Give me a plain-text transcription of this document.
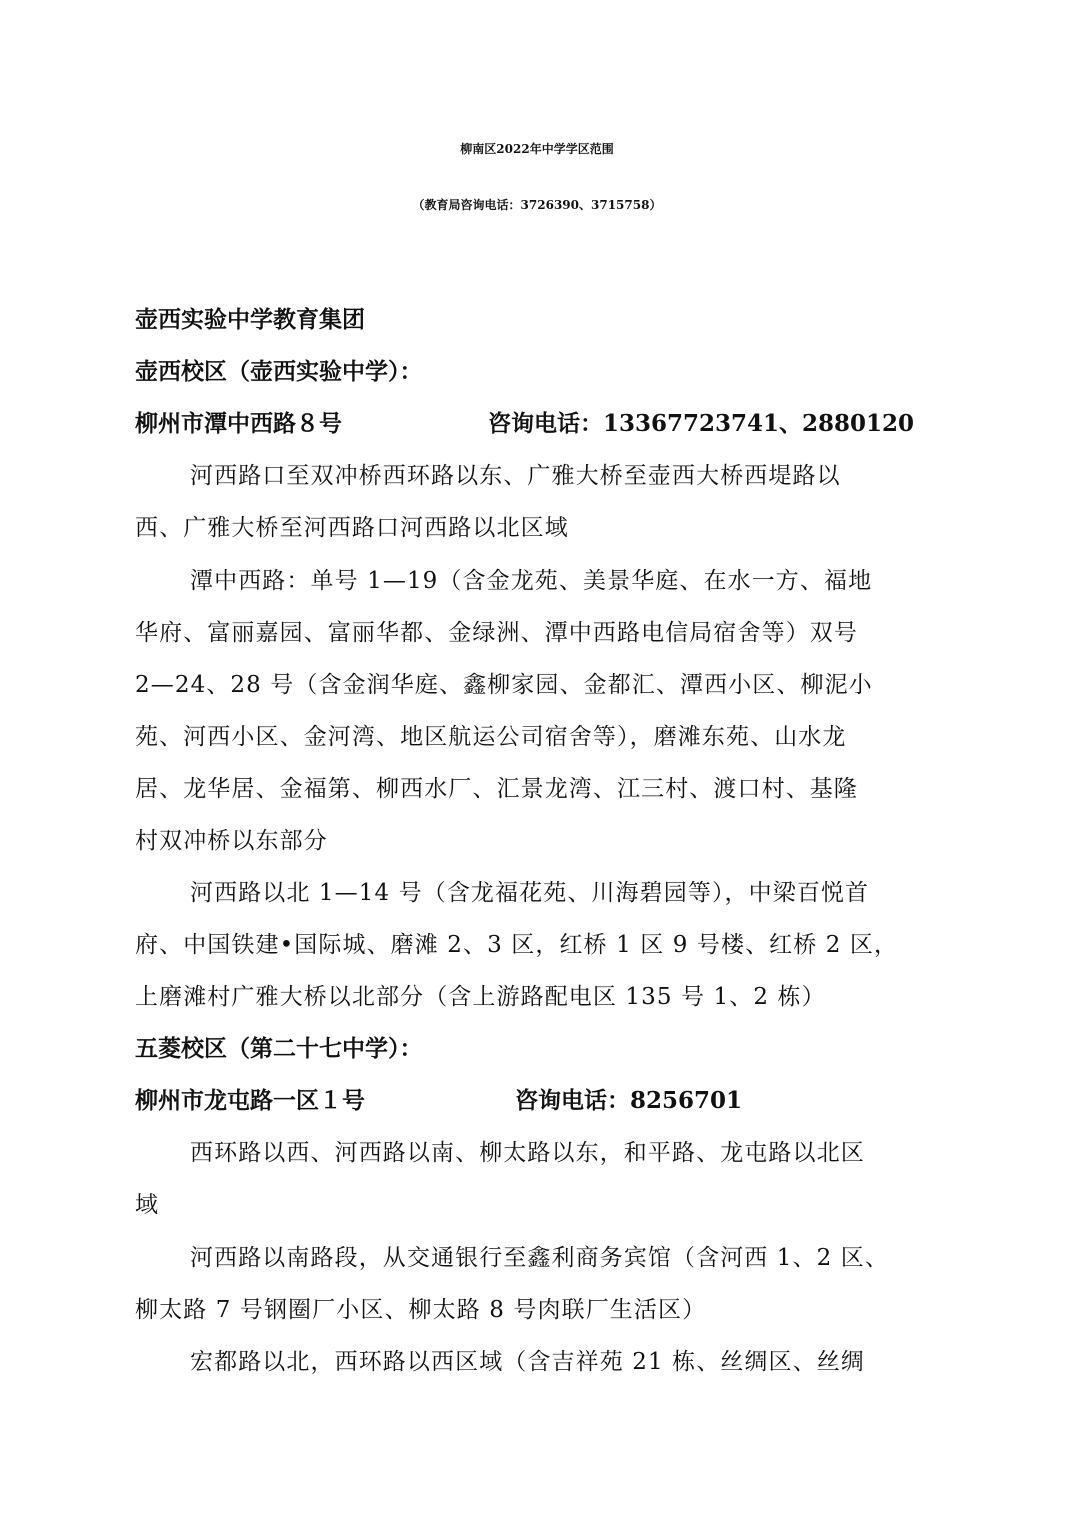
柳南区2022年中学学区范围
（教育局咨询电话：3726390、3715758）
壶西实验中学教育集团
壶西校区（壶西实验中学）：
柳州市潭中西路８号	咨询电话：13367723741、2880120
河西路口至双冲桥西环路以东、广雅大桥至壶西大桥西堤路以
西、广雅大桥至河西路口河西路以北区域
潭中西路：单号 1—19（含金龙苑、美景华庭、在水一方、福地
华府、富丽嘉园、富丽华都、金绿洲、潭中西路电信局宿舍等）双号
2—24、28 号（含金润华庭、鑫柳家园、金都汇、潭西小区、柳泥小
苑、河西小区、金河湾、地区航运公司宿舍等），磨滩东苑、山水龙
居、龙华居、金福第、柳西水厂、汇景龙湾、江三村、渡口村、基隆
村双冲桥以东部分
河西路以北 1—14 号（含龙福花苑、川海碧园等），中梁百悦首
府、中国铁建•国际城、磨滩 2、3 区，红桥 1 区 9 号楼、红桥 2 区，
上磨滩村广雅大桥以北部分（含上游路配电区 135 号 1、2 栋）
五菱校区（第二十七中学）：
柳州市龙屯路一区１号	咨询电话：8256701
西环路以西、河西路以南、柳太路以东，和平路、龙屯路以北区
域
河西路以南路段，从交通银行至鑫利商务宾馆（含河西 1、2 区、
柳太路 7 号钢圈厂小区、柳太路 8 号肉联厂生活区）
宏都路以北，西环路以西区域（含吉祥苑 21 栋、丝绸区、丝绸
